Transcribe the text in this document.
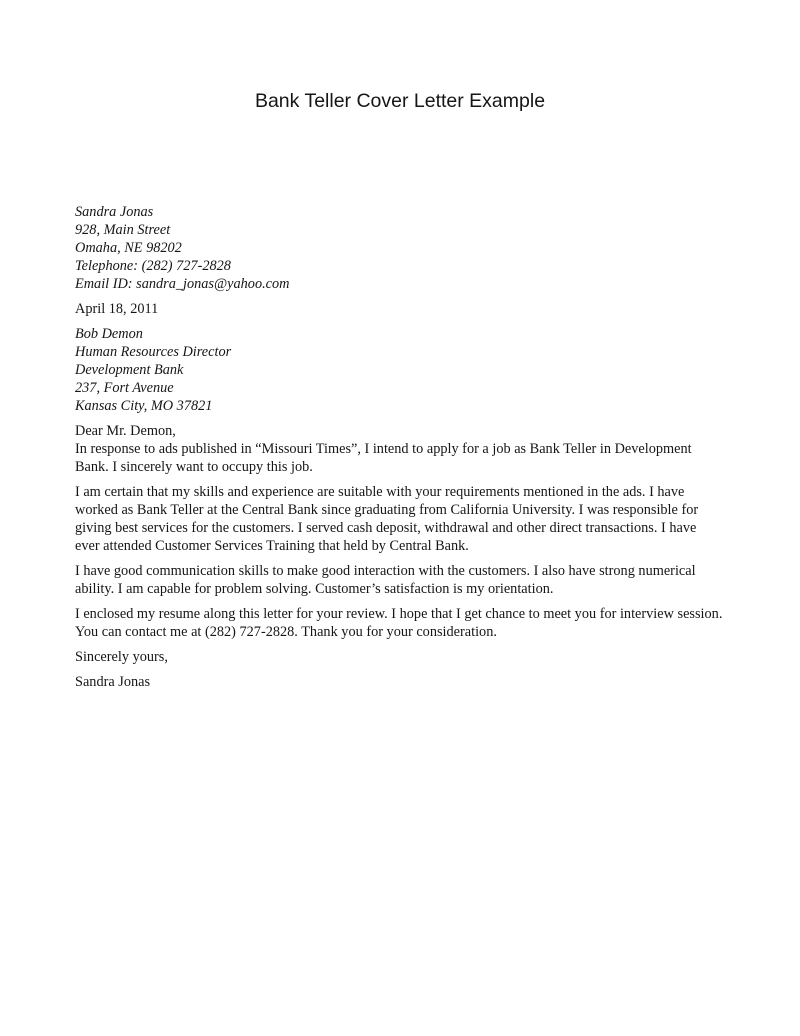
Bank Teller Cover Letter Example
Sandra Jonas
928, Main Street
Omaha, NE 98202
Telephone: (282) 727-2828
Email ID: sandra_jonas@yahoo.com
April 18, 2011
Bob Demon
Human Resources Director
Development Bank
237, Fort Avenue
Kansas City, MO 37821
Dear Mr. Demon,

In response to ads published in “Missouri Times”, I intend to apply for a job as Bank Teller in Development Bank. I sincerely want to occupy this job.

I am certain that my skills and experience are suitable with your requirements mentioned in the ads. I have worked as Bank Teller at the Central Bank since graduating from California University. I was responsible for giving best services for the customers. I served cash deposit, withdrawal and other direct transactions. I have ever attended Customer Services Training that held by Central Bank.

I have good communication skills to make good interaction with the customers. I also have strong numerical ability. I am capable for problem solving. Customer’s satisfaction is my orientation.

I enclosed my resume along this letter for your review. I hope that I get chance to meet you for interview session. You can contact me at (282) 727-2828. Thank you for your consideration.

Sincerely yours,
Sandra Jonas
